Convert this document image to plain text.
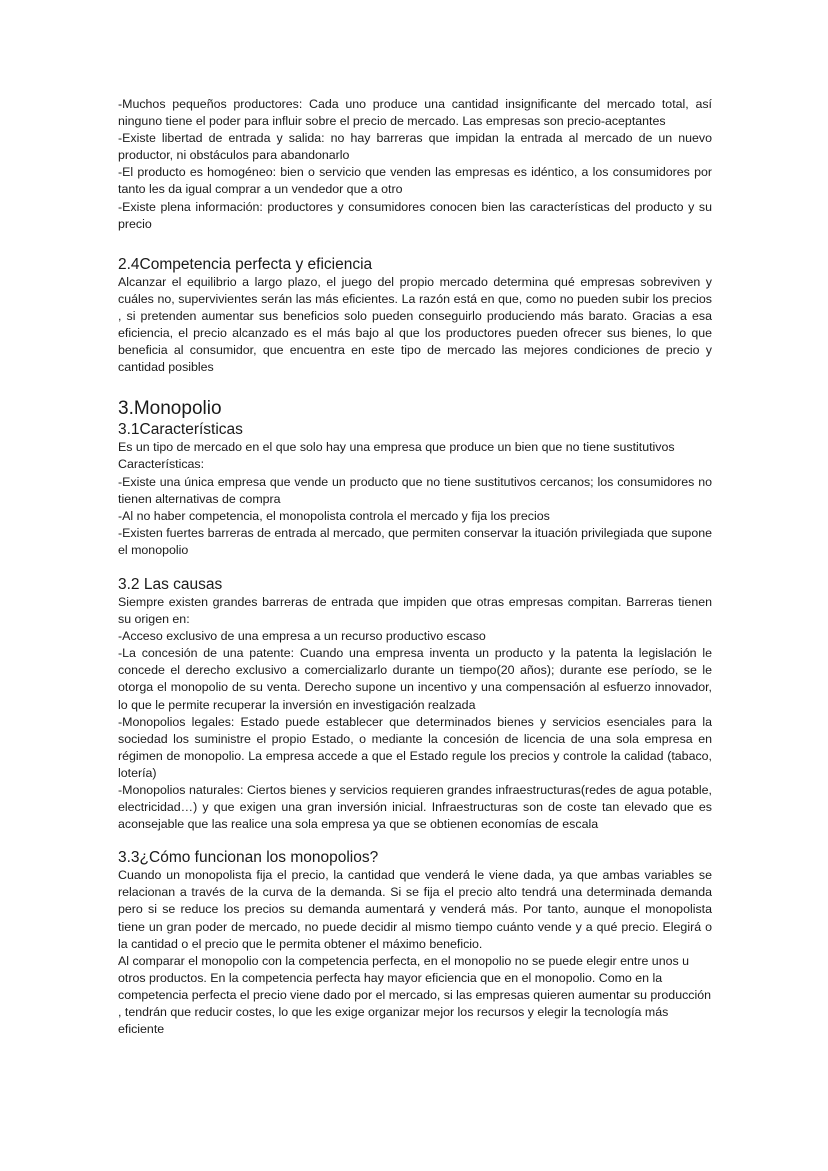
-Muchos pequeños productores: Cada uno produce una cantidad insignificante del mercado total, así ninguno tiene el poder para influir sobre el precio de mercado. Las empresas son precio-aceptantes

-Existe libertad de entrada y salida: no hay barreras que impidan la entrada al mercado de un nuevo productor, ni obstáculos para abandonarlo

-El producto es homogéneo: bien o servicio que venden las empresas es idéntico, a los consumidores por tanto les da igual comprar a un vendedor que a otro

-Existe plena información: productores y consumidores conocen bien las características del producto y su precio

2.4Competencia perfecta y eficiencia

Alcanzar el equilibrio a largo plazo, el juego del propio mercado determina qué empresas sobreviven y cuáles no, supervivientes serán las más eficientes. La razón está en que, como no pueden subir los precios , si pretenden aumentar sus beneficios solo pueden conseguirlo produciendo más barato. Gracias a esa eficiencia, el precio alcanzado es el más bajo al que los productores pueden ofrecer sus bienes, lo que beneficia al consumidor, que encuentra en este tipo de mercado las mejores condiciones de precio y cantidad posibles

3.Monopolio
3.1Características

Es un tipo de mercado en el que solo hay una empresa que produce un bien que no tiene sustitutivos

Características:

-Existe una única empresa que vende un producto que no tiene sustitutivos cercanos; los consumidores no tienen alternativas de compra

-Al no haber competencia, el monopolista controla el mercado y fija los precios

-Existen fuertes barreras de entrada al mercado, que permiten conservar la ituación privilegiada que supone el monopolio

3.2 Las causas

Siempre existen grandes barreras de entrada que impiden que otras empresas compitan. Barreras tienen su origen en:

-Acceso exclusivo de una empresa a un recurso productivo escaso

-La concesión de una patente: Cuando una empresa inventa un producto y la patenta la legislación le concede el derecho exclusivo a comercializarlo durante un tiempo(20 años); durante ese período, se le otorga el monopolio de su venta. Derecho supone un incentivo y una compensación al esfuerzo innovador, lo que le permite recuperar la inversión en investigación realzada

-Monopolios legales: Estado puede establecer que determinados bienes y servicios esenciales para la sociedad los suministre el propio Estado, o mediante la concesión de licencia de una sola empresa en régimen de monopolio. La empresa accede a que el Estado regule los precios y controle la calidad (tabaco, lotería)

-Monopolios naturales: Ciertos bienes y servicios requieren grandes infraestructuras(redes de agua potable, electricidad…) y que exigen una gran inversión inicial. Infraestructuras son de coste tan elevado que es aconsejable que las realice una sola empresa ya que se obtienen economías de escala

3.3¿Cómo funcionan los monopolios?

Cuando un monopolista fija el precio, la cantidad que venderá le viene dada, ya que ambas variables se relacionan a través de la curva de la demanda. Si se fija el precio alto tendrá una determinada demanda pero si se reduce los precios su demanda aumentará y venderá más. Por tanto, aunque el monopolista tiene un gran poder de mercado, no puede decidir al mismo tiempo cuánto vende y a qué precio. Elegirá o la cantidad o el precio que le permita obtener el máximo beneficio.

Al comparar el monopolio con la competencia perfecta, en el monopolio no se puede elegir entre unos u otros productos. En la competencia perfecta hay mayor eficiencia que en el monopolio. Como en la competencia perfecta el precio viene dado por el mercado, si las empresas quieren aumentar su producción , tendrán que reducir costes, lo que les exige organizar mejor los recursos y elegir la tecnología más eficiente
